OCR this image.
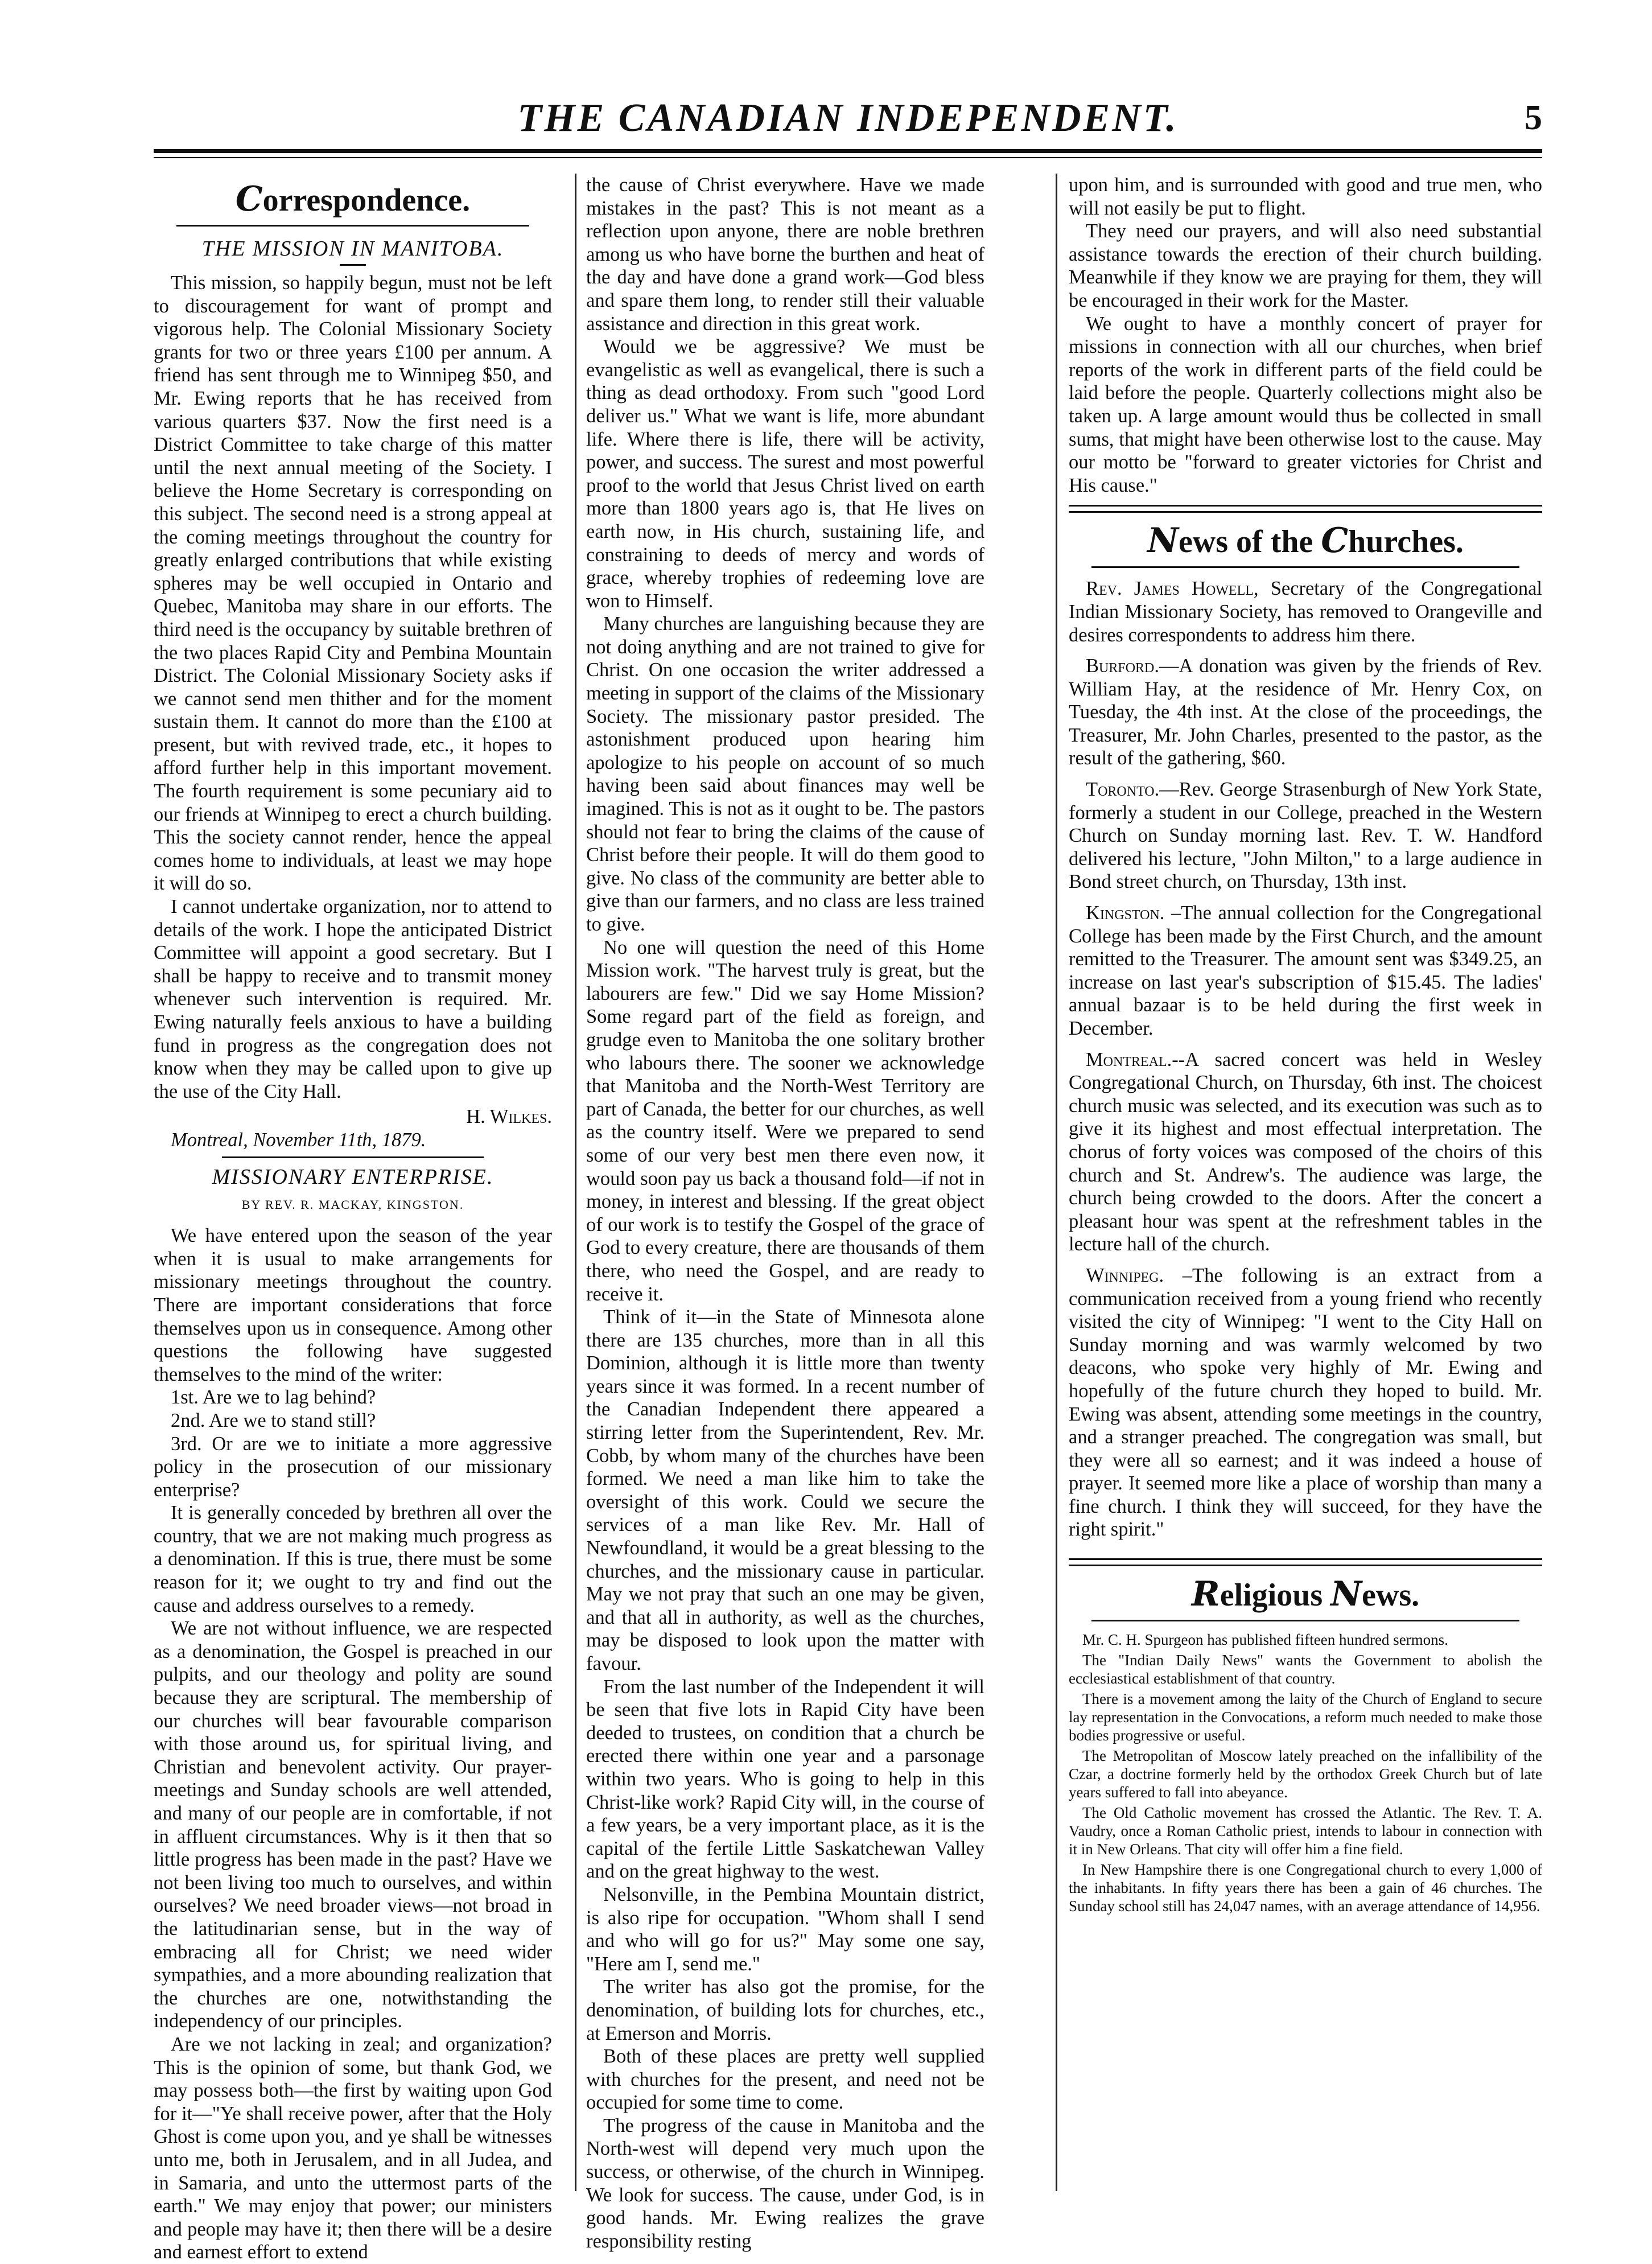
THE CANADIAN INDEPENDENT.	5
Correspondence.
THE MISSION IN MANITOBA.

This mission, so happily begun, must not be left to discouragement for want of prompt and vigorous help. The Colonial Missionary Society grants for two or three years £100 per annum. A friend has sent through me to Winnipeg $50, and Mr. Ewing reports that he has received from various quarters $37. Now the first need is a District Committee to take charge of this matter until the next annual meeting of the Society. I believe the Home Secretary is corresponding on this subject. The second need is a strong appeal at the coming meetings throughout the country for greatly enlarged contributions that while existing spheres may be well occupied in Ontario and Quebec, Manitoba may share in our efforts. The third need is the occupancy by suitable brethren of the two places Rapid City and Pembina Mountain District. The Colonial Missionary Society asks if we cannot send men thither and for the moment sustain them. It cannot do more than the £100 at present, but with revived trade, etc., it hopes to afford further help in this important movement. The fourth requirement is some pecuniary aid to our friends at Winnipeg to erect a church building. This the society cannot render, hence the appeal comes home to individuals, at least we may hope it will do so.

I cannot undertake organization, nor to attend to details of the work. I hope the anticipated District Committee will appoint a good secretary. But I shall be happy to receive and to transmit money whenever such intervention is required. Mr. Ewing naturally feels anxious to have a building fund in progress as the congregation does not know when they may be called upon to give up the use of the City Hall.

H. Wilkes.

Montreal, November 11th, 1879.

MISSIONARY ENTERPRISE.
BY REV. R. MACKAY, KINGSTON.

We have entered upon the season of the year when it is usual to make arrangements for missionary meetings throughout the country. There are important considerations that force themselves upon us in consequence. Among other questions the following have suggested themselves to the mind of the writer:

1st. Are we to lag behind?

2nd. Are we to stand still?

3rd. Or are we to initiate a more aggressive policy in the prosecution of our missionary enterprise?

It is generally conceded by brethren all over the country, that we are not making much progress as a denomination. If this is true, there must be some reason for it; we ought to try and find out the cause and address ourselves to a remedy.

We are not without influence, we are respected as a denomination, the Gospel is preached in our pulpits, and our theology and polity are sound because they are scriptural. The membership of our churches will bear favourable comparison with those around us, for spiritual living, and Christian and benevolent activity. Our prayer-meetings and Sunday schools are well attended, and many of our people are in comfortable, if not in affluent circumstances. Why is it then that so little progress has been made in the past? Have we not been living too much to ourselves, and within ourselves? We need broader views—not broad in the latitudinarian sense, but in the way of embracing all for Christ; we need wider sympathies, and a more abounding realization that the churches are one, notwithstanding the independency of our principles.

Are we not lacking in zeal; and organization? This is the opinion of some, but thank God, we may possess both—the first by waiting upon God for it—"Ye shall receive power, after that the Holy Ghost is come upon you, and ye shall be witnesses unto me, both in Jerusalem, and in all Judea, and in Samaria, and unto the uttermost parts of the earth." We may enjoy that power; our ministers and people may have it; then there will be a desire and earnest effort to extend

the cause of Christ everywhere. Have we made mistakes in the past? This is not meant as a reflection upon anyone, there are noble brethren among us who have borne the burthen and heat of the day and have done a grand work—God bless and spare them long, to render still their valuable assistance and direction in this great work.

Would we be aggressive? We must be evangelistic as well as evangelical, there is such a thing as dead orthodoxy. From such "good Lord deliver us." What we want is life, more abundant life. Where there is life, there will be activity, power, and success. The surest and most powerful proof to the world that Jesus Christ lived on earth more than 1800 years ago is, that He lives on earth now, in His church, sustaining life, and constraining to deeds of mercy and words of grace, whereby trophies of redeeming love are won to Himself.

Many churches are languishing because they are not doing anything and are not trained to give for Christ. On one occasion the writer addressed a meeting in support of the claims of the Missionary Society. The missionary pastor presided. The astonishment produced upon hearing him apologize to his people on account of so much having been said about finances may well be imagined. This is not as it ought to be. The pastors should not fear to bring the claims of the cause of Christ before their people. It will do them good to give. No class of the community are better able to give than our farmers, and no class are less trained to give.

No one will question the need of this Home Mission work. "The harvest truly is great, but the labourers are few." Did we say Home Mission? Some regard part of the field as foreign, and grudge even to Manitoba the one solitary brother who labours there. The sooner we acknowledge that Manitoba and the North-West Territory are part of Canada, the better for our churches, as well as the country itself. Were we prepared to send some of our very best men there even now, it would soon pay us back a thousand fold—if not in money, in interest and blessing. If the great object of our work is to testify the Gospel of the grace of God to every creature, there are thousands of them there, who need the Gospel, and are ready to receive it.

Think of it—in the State of Minnesota alone there are 135 churches, more than in all this Dominion, although it is little more than twenty years since it was formed. In a recent number of the Canadian Independent there appeared a stirring letter from the Superintendent, Rev. Mr. Cobb, by whom many of the churches have been formed. We need a man like him to take the oversight of this work. Could we secure the services of a man like Rev. Mr. Hall of Newfoundland, it would be a great blessing to the churches, and the missionary cause in particular. May we not pray that such an one may be given, and that all in authority, as well as the churches, may be disposed to look upon the matter with favour.

From the last number of the Independent it will be seen that five lots in Rapid City have been deeded to trustees, on condition that a church be erected there within one year and a parsonage within two years. Who is going to help in this Christ-like work? Rapid City will, in the course of a few years, be a very important place, as it is the capital of the fertile Little Saskatchewan Valley and on the great highway to the west.

Nelsonville, in the Pembina Mountain district, is also ripe for occupation. "Whom shall I send and who will go for us?" May some one say, "Here am I, send me."

The writer has also got the promise, for the denomination, of building lots for churches, etc., at Emerson and Morris.

Both of these places are pretty well supplied with churches for the present, and need not be occupied for some time to come.

The progress of the cause in Manitoba and the North-west will depend very much upon the success, or otherwise, of the church in Winnipeg. We look for success. The cause, under God, is in good hands. Mr. Ewing realizes the grave responsibility resting

upon him, and is surrounded with good and true men, who will not easily be put to flight.

They need our prayers, and will also need substantial assistance towards the erection of their church building. Meanwhile if they know we are praying for them, they will be encouraged in their work for the Master.

We ought to have a monthly concert of prayer for missions in connection with all our churches, when brief reports of the work in different parts of the field could be laid before the people. Quarterly collections might also be taken up. A large amount would thus be collected in small sums, that might have been otherwise lost to the cause. May our motto be "forward to greater victories for Christ and His cause."

News of the Churches.

Rev. James Howell, Secretary of the Congregational Indian Missionary Society, has removed to Orangeville and desires correspondents to address him there.

Burford.—A donation was given by the friends of Rev. William Hay, at the residence of Mr. Henry Cox, on Tuesday, the 4th inst. At the close of the proceedings, the Treasurer, Mr. John Charles, presented to the pastor, as the result of the gathering, $60.

Toronto.—Rev. George Strasenburgh of New York State, formerly a student in our College, preached in the Western Church on Sunday morning last. Rev. T. W. Handford delivered his lecture, "John Milton," to a large audience in Bond street church, on Thursday, 13th inst.

Kingston. –The annual collection for the Congregational College has been made by the First Church, and the amount remitted to the Treasurer. The amount sent was $349.25, an increase on last year's subscription of $15.45. The ladies' annual bazaar is to be held during the first week in December.

Montreal.--A sacred concert was held in Wesley Congregational Church, on Thursday, 6th inst. The choicest church music was selected, and its execution was such as to give it its highest and most effectual interpretation. The chorus of forty voices was composed of the choirs of this church and St. Andrew's. The audience was large, the church being crowded to the doors. After the concert a pleasant hour was spent at the refreshment tables in the lecture hall of the church.

Winnipeg. –The following is an extract from a communication received from a young friend who recently visited the city of Winnipeg: "I went to the City Hall on Sunday morning and was warmly welcomed by two deacons, who spoke very highly of Mr. Ewing and hopefully of the future church they hoped to build. Mr. Ewing was absent, attending some meetings in the country, and a stranger preached. The congregation was small, but they were all so earnest; and it was indeed a house of prayer. It seemed more like a place of worship than many a fine church. I think they will succeed, for they have the right spirit."

Religious News.

Mr. C. H. Spurgeon has published fifteen hundred sermons.

The "Indian Daily News" wants the Government to abolish the ecclesiastical establishment of that country.

There is a movement among the laity of the Church of England to secure lay representation in the Convocations, a reform much needed to make those bodies progressive or useful.

The Metropolitan of Moscow lately preached on the infallibility of the Czar, a doctrine formerly held by the orthodox Greek Church but of late years suffered to fall into abeyance.

The Old Catholic movement has crossed the Atlantic. The Rev. T. A. Vaudry, once a Roman Catholic priest, intends to labour in connection with it in New Orleans. That city will offer him a fine field.

In New Hampshire there is one Congregational church to every 1,000 of the inhabitants. In fifty years there has been a gain of 46 churches. The Sunday school still has 24,047 names, with an average attendance of 14,956.
